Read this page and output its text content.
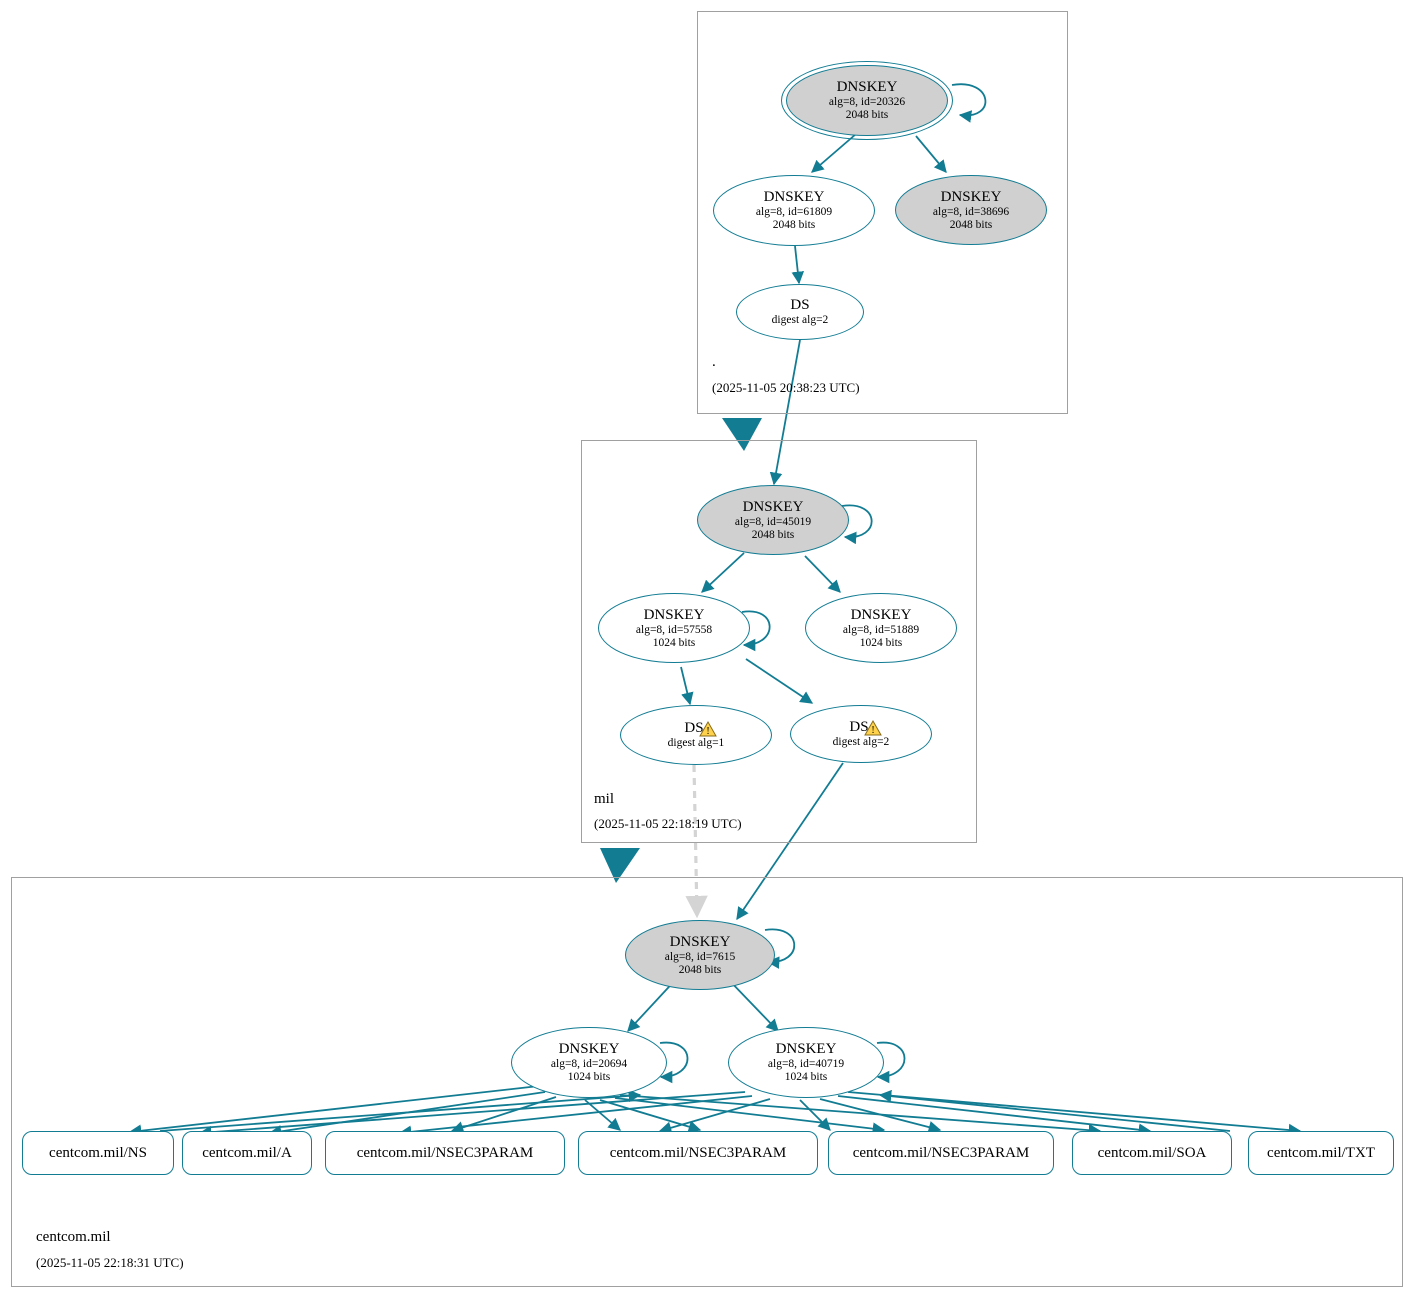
.
(2025-11-05 20:38:23 UTC)
mil
(2025-11-05 22:18:19 UTC)
centcom.mil
(2025-11-05 22:18:31 UTC)
DNSKEY
alg=8, id=20326
2048 bits
DNSKEY
alg=8, id=61809
2048 bits
DNSKEY
alg=8, id=38696
2048 bits
DS
digest alg=2
DNSKEY
alg=8, id=45019
2048 bits
DNSKEY
alg=8, id=57558
1024 bits
DNSKEY
alg=8, id=51889
1024 bits
DS !
digest alg=1
DS !
digest alg=2
DNSKEY
alg=8, id=7615
2048 bits
DNSKEY
alg=8, id=20694
1024 bits
DNSKEY
alg=8, id=40719
1024 bits
centcom.mil/NS	centcom.mil/A	centcom.mil/NSEC3PARAM	centcom.mil/NSEC3PARAM	centcom.mil/NSEC3PARAM	centcom.mil/SOA	centcom.mil/TXT
